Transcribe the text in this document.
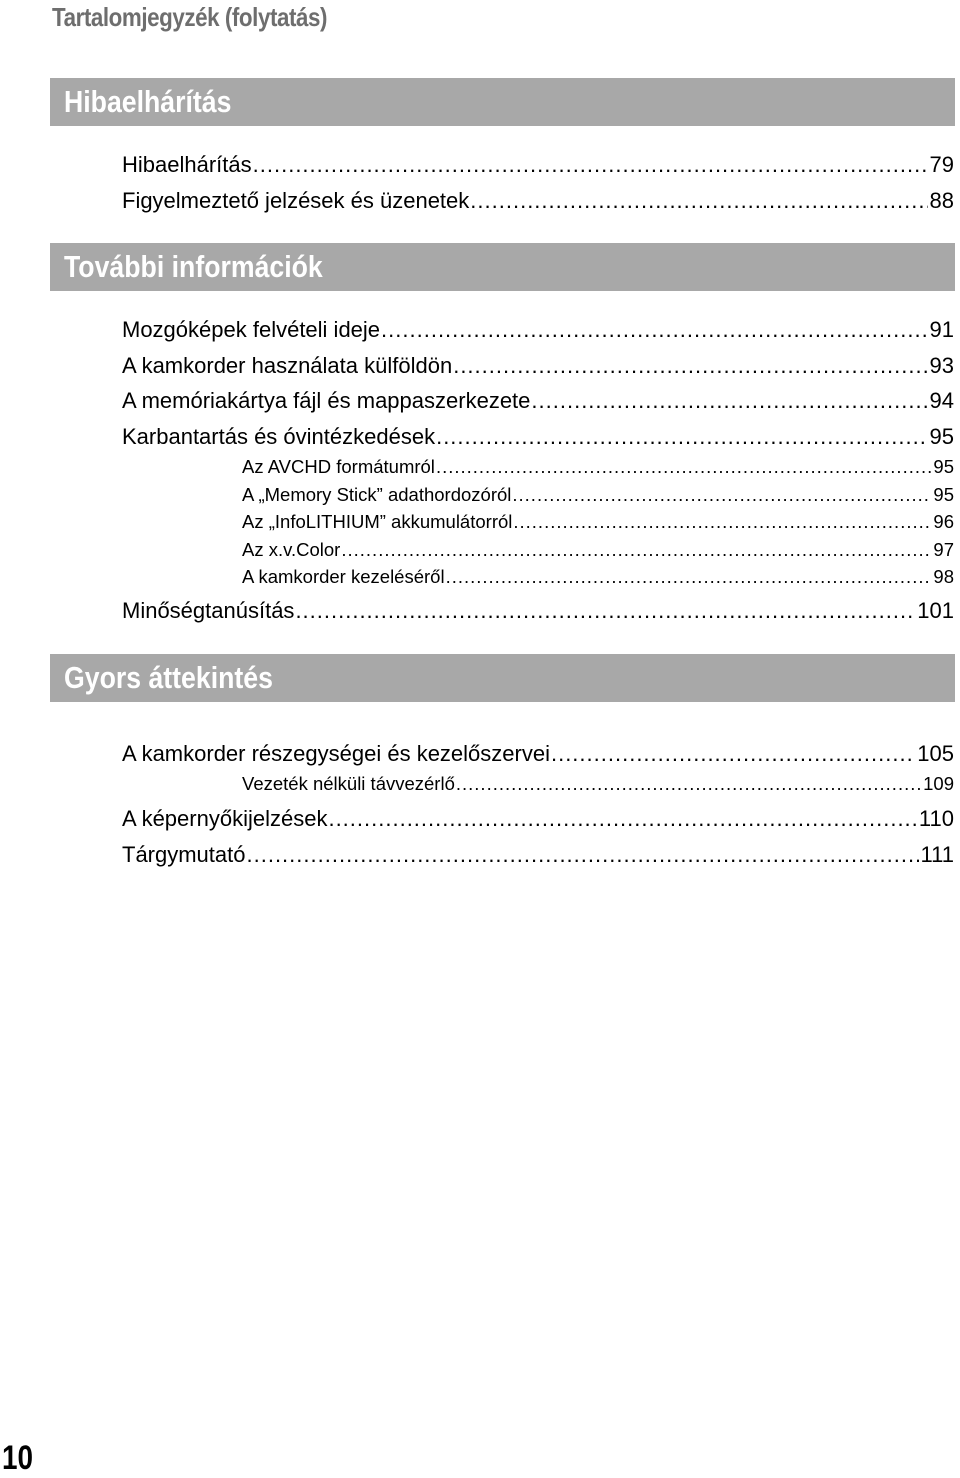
Tartalomjegyzék (folytatás)
Hibaelhárítás
Hibaelhárítás .....	79
Figyelmeztető jelzések és üzenetek .....	88
További információk
Mozgóképek felvételi ideje .....	91
A kamkorder használata külföldön .....	93
A memóriakártya fájl és mappaszerkezete .....	94
Karbantartás és óvintézkedések .....	95
Az AVCHD formátumról .....	95
A „Memory Stick” adathordozóról .....	95
Az „InfoLITHIUM” akkumulátorról .....	96
Az x.v.Color .....	97
A kamkorder kezeléséről .....	98
Minőségtanúsítás .....	101
Gyors áttekintés
A kamkorder részegységei és kezelőszervei .....	105
Vezeték nélküli távvezérlő .....	109
A képernyőkijelzések .....	110
Tárgymutató .....	111
10
